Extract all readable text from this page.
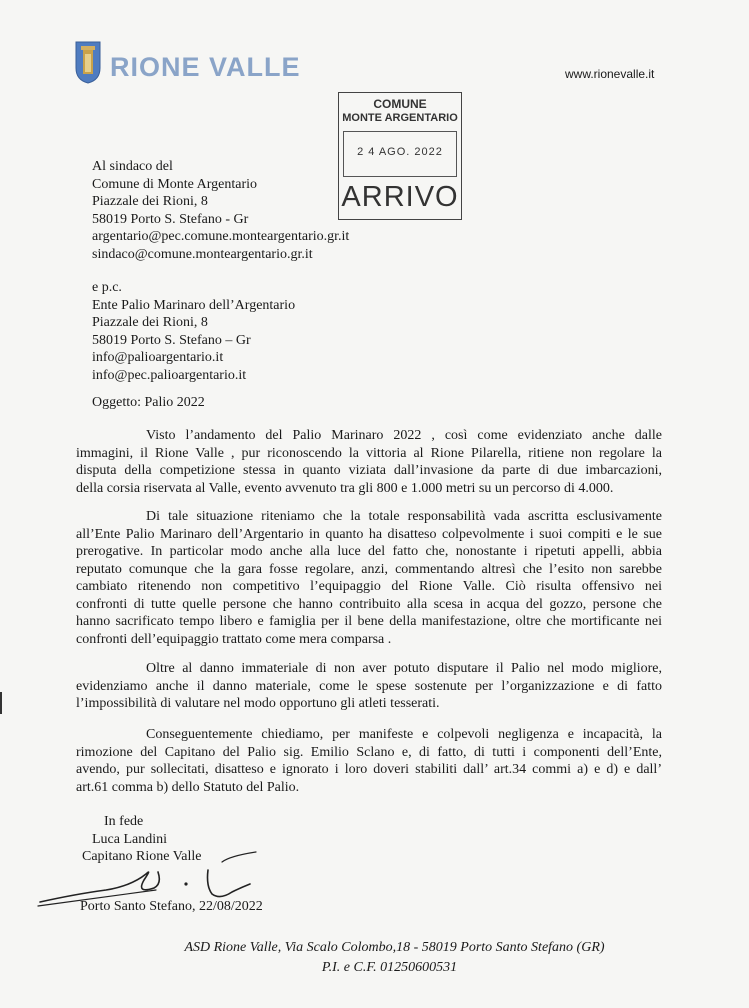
RIONE VALLE	www.rionevalle.it
COMUNE
MONTE ARGENTARIO
2 4 AGO. 2022
ARRIVO
Al sindaco del
Comune di Monte Argentario
Piazzale dei Rioni, 8
58019 Porto S. Stefano - Gr
argentario@pec.comune.monteargentario.gr.it
sindaco@comune.monteargentario.gr.it
e p.c.
Ente Palio Marinaro dell’Argentario
Piazzale dei Rioni, 8
58019 Porto S. Stefano – Gr
info@palioargentario.it
info@pec.palioargentario.it
Oggetto: Palio 2022
Visto l’andamento del Palio Marinaro 2022 , così come evidenziato anche dalle
immagini, il Rione Valle , pur riconoscendo la vittoria al Rione Pilarella, ritiene non regolare la
disputa della competizione stessa in quanto viziata dall’invasione da parte di due imbarcazioni,
della corsia riservata al Valle, evento avvenuto tra gli 800 e 1.000 metri su un percorso di 4.000.
Di tale situazione riteniamo che la totale responsabilità vada ascritta esclusivamente
all’Ente Palio Marinaro dell’Argentario in quanto ha disatteso colpevolmente i suoi compiti e le sue
prerogative. In particolar modo anche alla luce del fatto che, nonostante i ripetuti appelli, abbia
reputato comunque che la gara fosse regolare, anzi, commentando altresì che l’esito non sarebbe
cambiato ritenendo non competitivo l’equipaggio del Rione Valle. Ciò risulta offensivo nei
confronti di tutte quelle persone che hanno contribuito alla scesa in acqua del gozzo, persone che
hanno sacrificato tempo libero e famiglia per il bene della manifestazione, oltre che mortificante nei
confronti dell’equipaggio trattato come mera comparsa .
Oltre al danno immateriale di non aver potuto disputare il Palio nel modo migliore,
evidenziamo anche il danno materiale, come le spese sostenute per l’organizzazione e di fatto
l’impossibilità di valutare nel modo opportuno gli atleti tesserati.
Conseguentemente chiediamo, per manifeste e colpevoli negligenza e incapacità, la
rimozione del Capitano del Palio sig. Emilio Sclano e, di fatto, di tutti i componenti dell’Ente,
avendo, pur sollecitati, disatteso e ignorato i loro doveri stabiliti dall’ art.34 commi a) e d) e dall’
art.61 comma b) dello Statuto del Palio.
In fede
Luca Landini
Capitano Rione Valle
Porto Santo Stefano, 22/08/2022
ASD Rione Valle, Via Scalo Colombo,18 - 58019 Porto Santo Stefano (GR)
P.I. e C.F. 01250600531
